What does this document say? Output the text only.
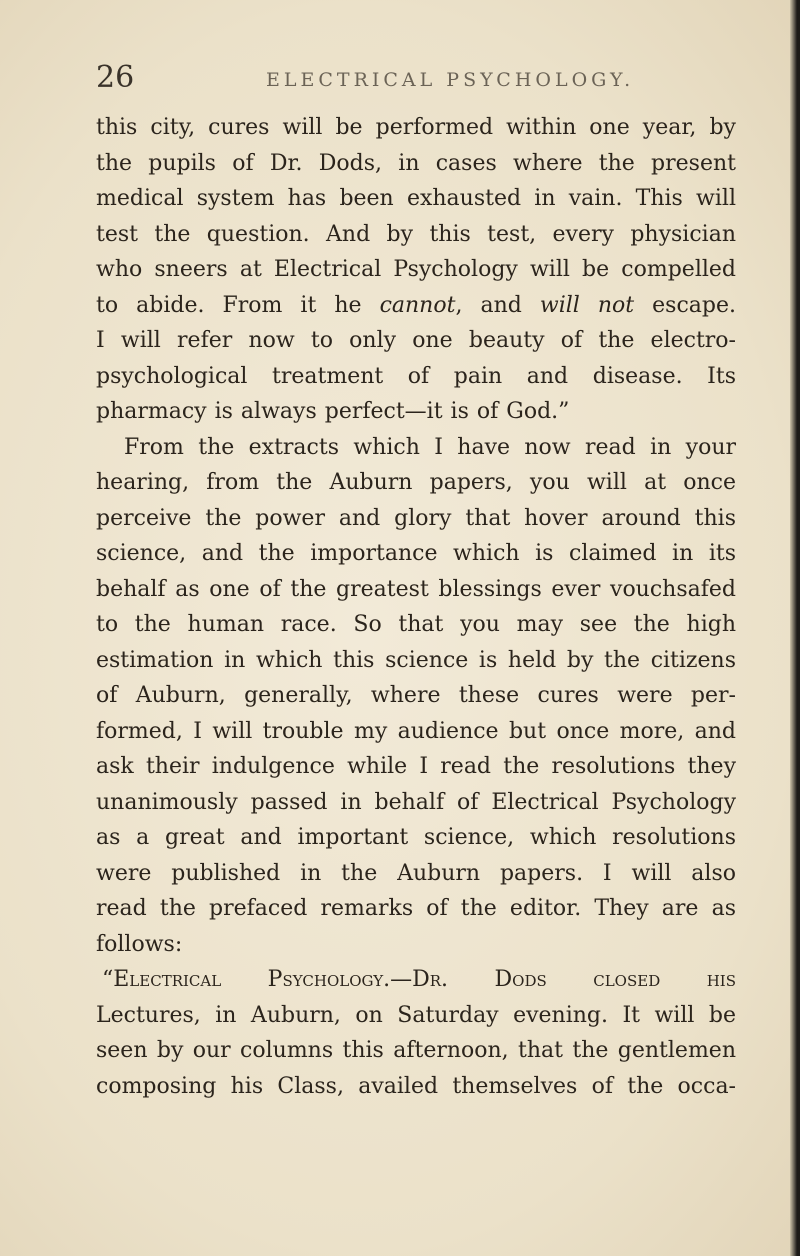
26	ELECTRICAL PSYCHOLOGY.
this city, cures will be performed within one year, by
the pupils of Dr. Dods, in cases where the present
medical system has been exhausted in vain. This will
test the question. And by this test, every physician
who sneers at Electrical Psychology will be compelled
to abide. From it he cannot, and will not escape.
I will refer now to only one beauty of the electro-
psychological treatment of pain and disease. Its
pharmacy is always perfect—it is of God.”
From the extracts which I have now read in your
hearing, from the Auburn papers, you will at once
perceive the power and glory that hover around this
science, and the importance which is claimed in its
behalf as one of the greatest blessings ever vouchsafed
to the human race. So that you may see the high
estimation in which this science is held by the citizens
of Auburn, generally, where these cures were per-
formed, I will trouble my audience but once more, and
ask their indulgence while I read the resolutions they
unanimously passed in behalf of Electrical Psychology
as a great and important science, which resolutions
were published in the Auburn papers. I will also
read the prefaced remarks of the editor. They are as
follows:
“Electrical Psychology.—Dr. Dods closed his
Lectures, in Auburn, on Saturday evening. It will be
seen by our columns this afternoon, that the gentlemen
composing his Class, availed themselves of the occa-
